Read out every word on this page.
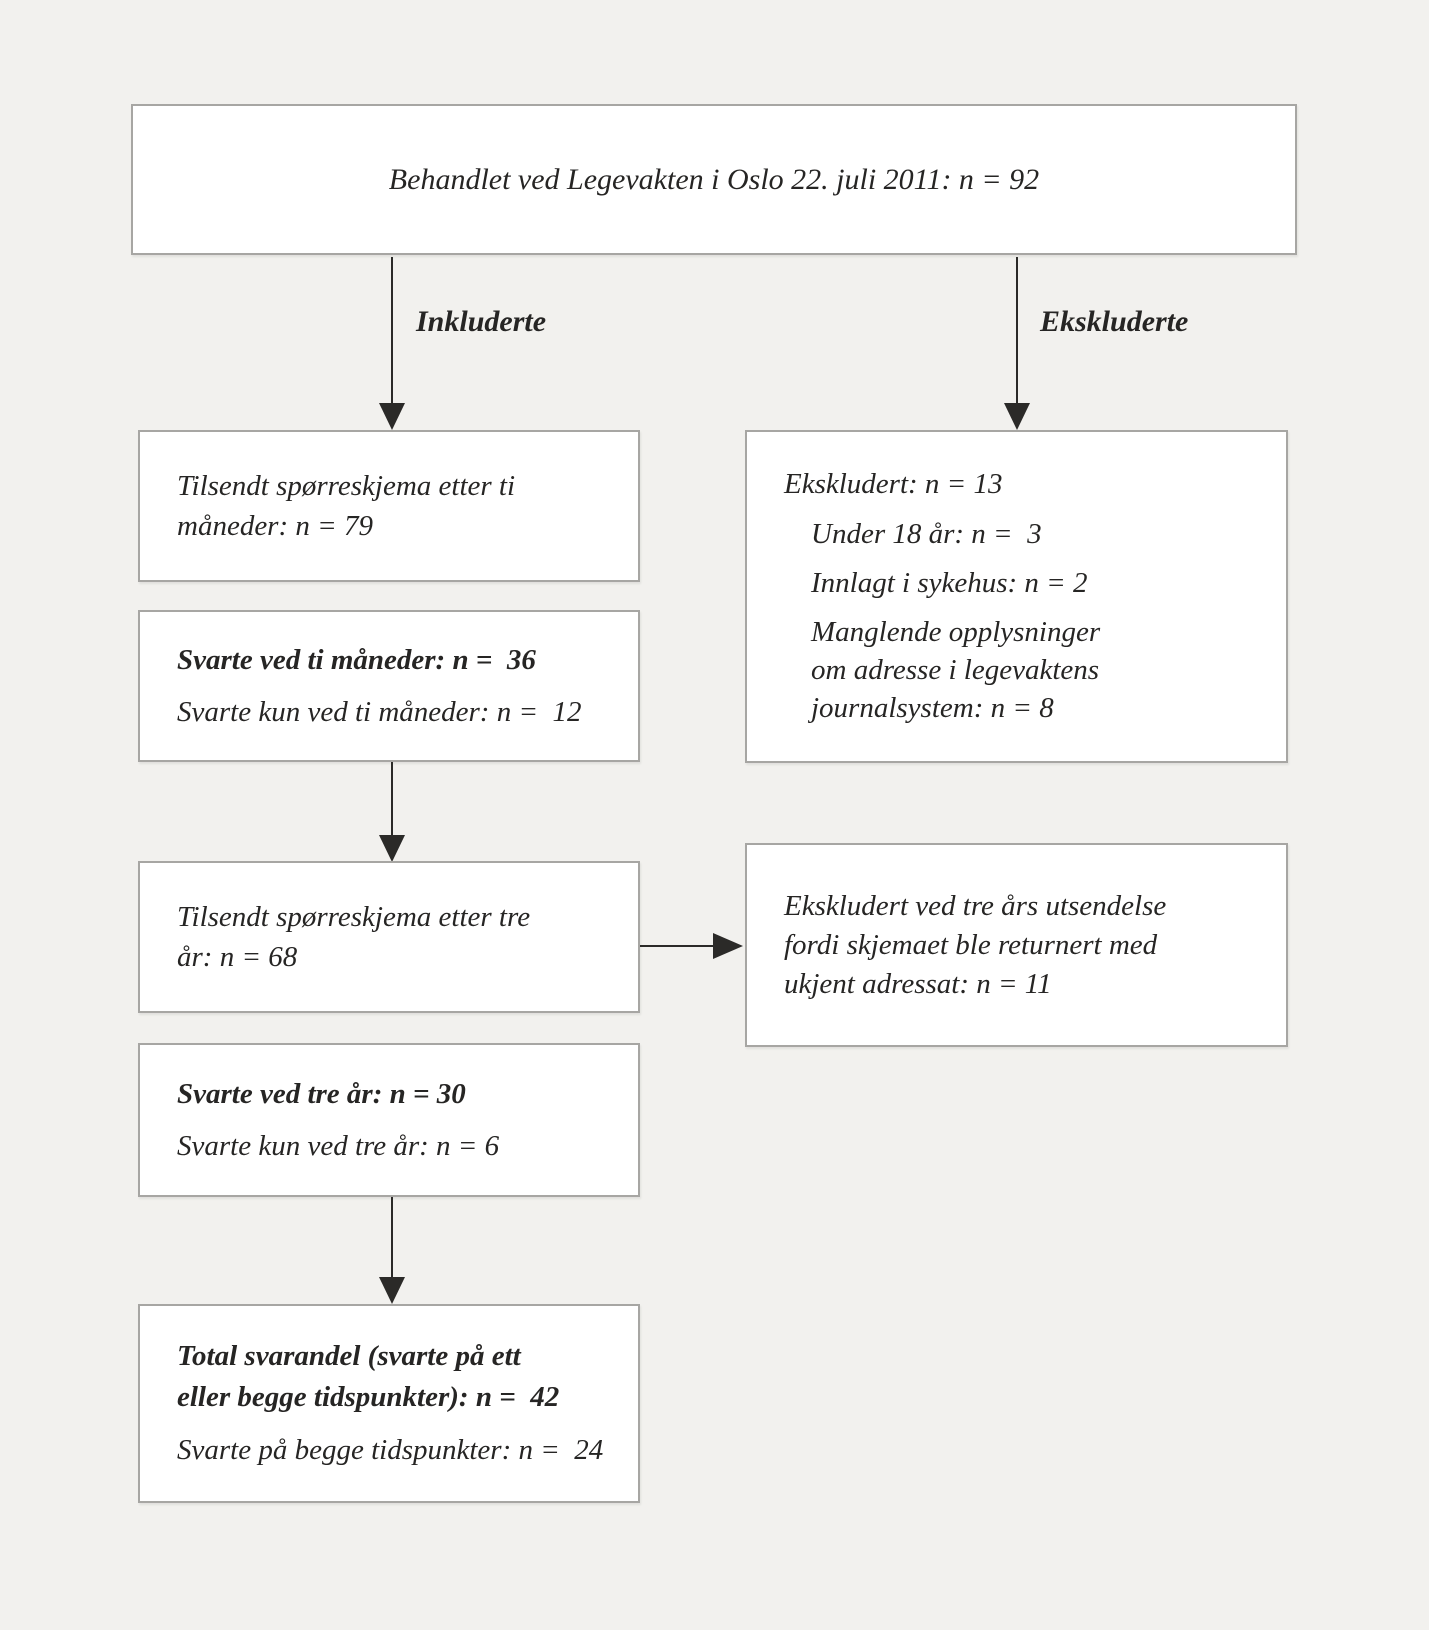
Behandlet ved Legevakten i Oslo 22. juli 2011: n = 92
Inkluderte	Ekskluderte
Tilsendt spørreskjema etter ti
måneder: n = 79
Svarte ved ti måneder: n =  36
Svarte kun ved ti måneder: n =  12
Ekskludert: n = 13
Under 18 år: n =  3
Innlagt i sykehus: n = 2
Manglende opplysninger
om adresse i legevaktens
journalsystem: n = 8
Tilsendt spørreskjema etter tre
år: n = 68
Ekskludert ved tre års utsendelse
fordi skjemaet ble returnert med
ukjent adressat: n = 11
Svarte ved tre år: n = 30
Svarte kun ved tre år: n = 6
Total svarandel (svarte på ett
eller begge tidspunkter): n =  42
Svarte på begge tidspunkter: n =  24
